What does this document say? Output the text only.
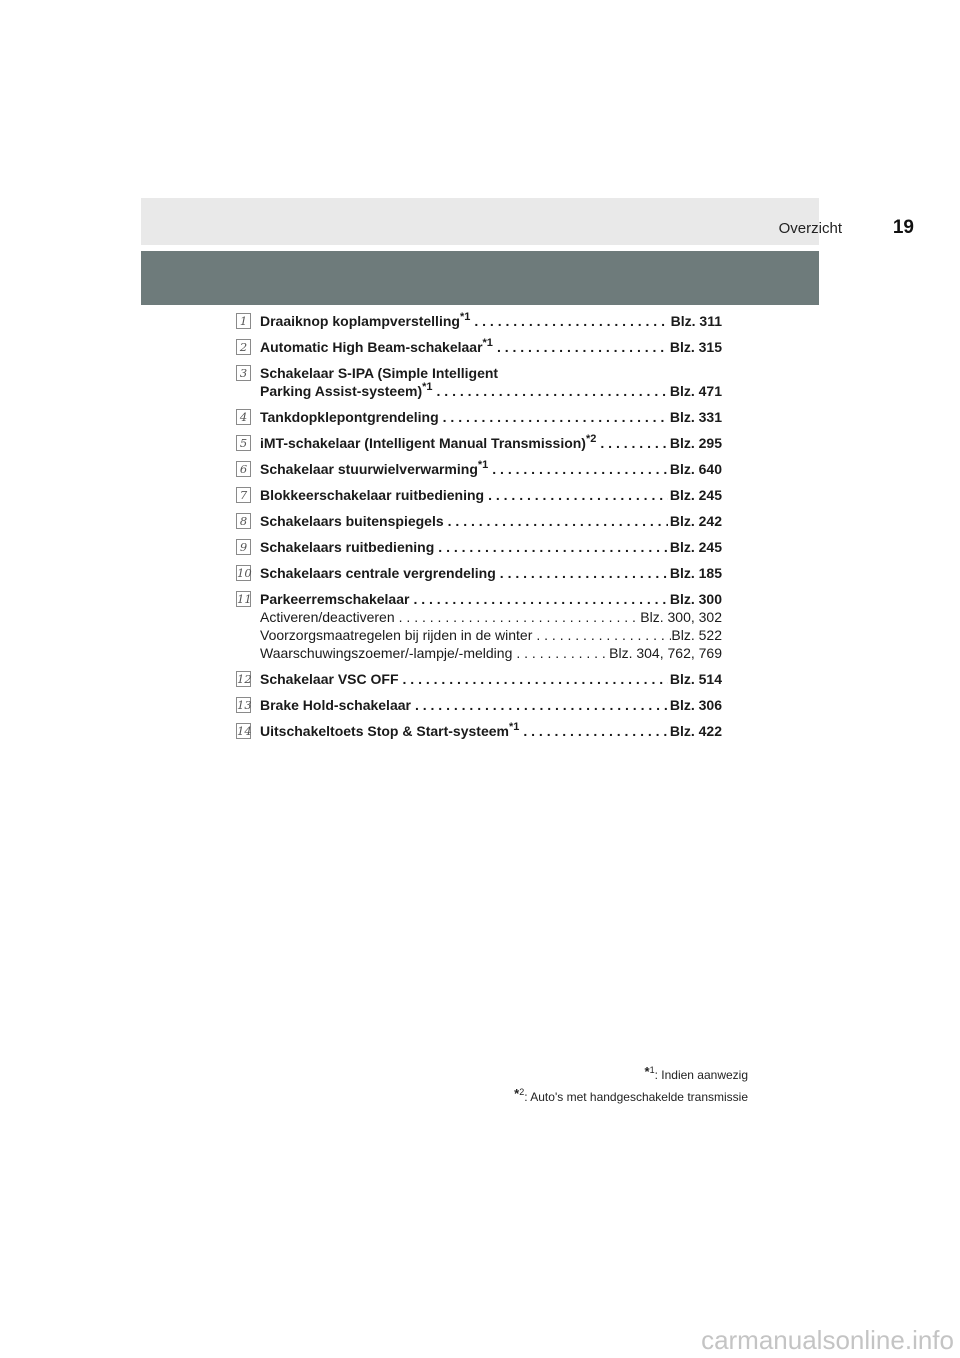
Overzicht	19
1 Draaiknop koplampverstelling$^{*1}$ . . .	Blz. 311
2 Automatic High Beam-schakelaar$^{*1}$ . . .	Blz. 315
3 Schakelaar S-IPA (Simple Intelligent
Parking Assist-systeem)$^{*1}$ . . .	Blz. 471
4 Tankdopklepontgrendeling . . .	Blz. 331
5 iMT-schakelaar (Intelligent Manual Transmission)$^{*2}$ . . .	Blz. 295
6 Schakelaar stuurwielverwarming$^{*1}$ . . .	Blz. 640
7 Blokkeerschakelaar ruitbediening . . .	Blz. 245
8 Schakelaars buitenspiegels . . .	Blz. 242
9 Schakelaars ruitbediening . . .	Blz. 245
10 Schakelaars centrale vergrendeling . . .	Blz. 185
11 Parkeerremschakelaar . . .	Blz. 300
Activeren/deactiveren . . .	Blz. 300, 302
Voorzorgsmaatregelen bij rijden in de winter . . .	Blz. 522
Waarschuwingszoemer/-lampje/-melding . . .	Blz. 304, 762, 769
12 Schakelaar VSC OFF . . .	Blz. 514
13 Brake Hold-schakelaar . . .	Blz. 306
14 Uitschakeltoets Stop & Start-systeem$^{*1}$ . . .	Blz. 422
*$^1$: Indien aanwezig
*$^2$: Auto's met handgeschakelde transmissie
carmanualsonline.info
